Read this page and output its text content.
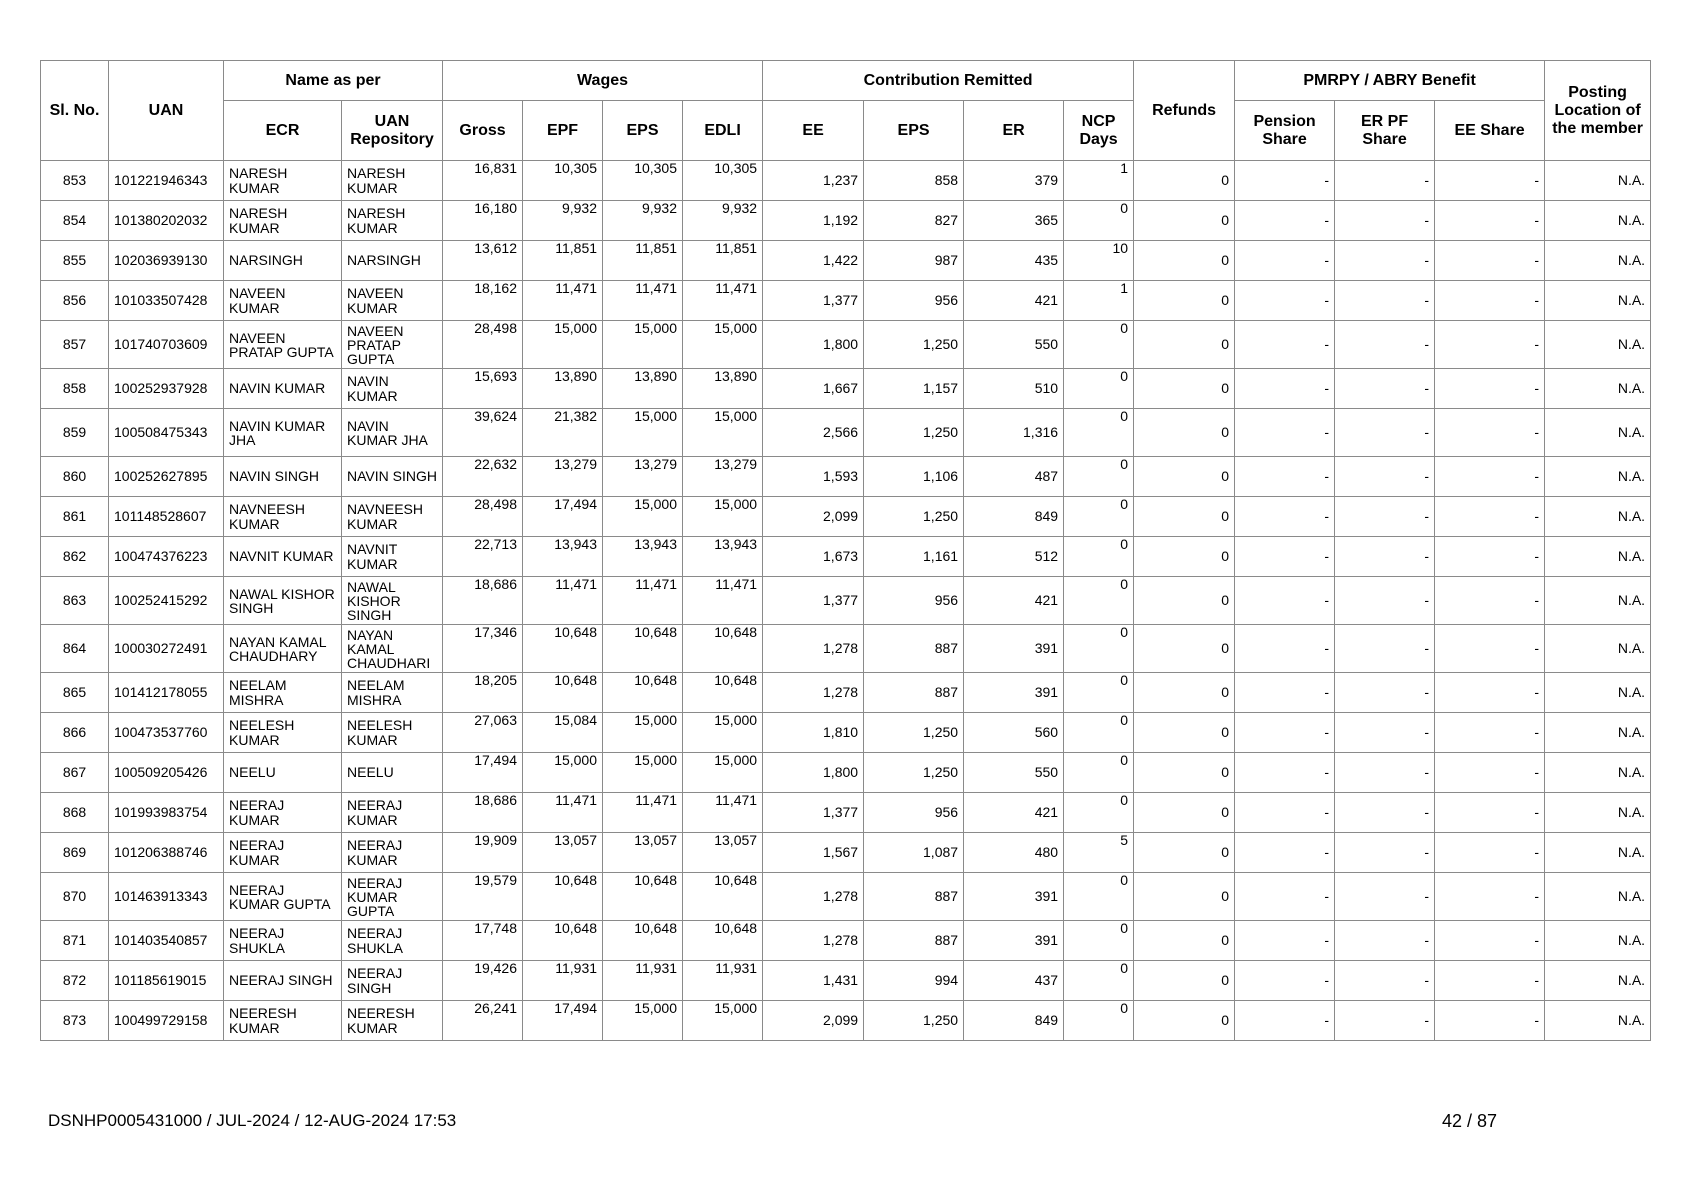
Sl. No.	UAN	Name as per		Wages				Contribution Remitted				Refunds	PMRPY / ABRY Benefit			Posting Location of the member
		ECR	UAN Repository	Gross	EPF	EPS	EDLI	EE	EPS	ER	NCP Days		Pension Share	ER PF Share	EE Share	
853	101221946343	NARESH KUMAR	NARESH KUMAR	16,831	10,305	10,305	10,305	1,237	858	379	1	0	-	-	-	N.A.
854	101380202032	NARESH KUMAR	NARESH KUMAR	16,180	9,932	9,932	9,932	1,192	827	365	0	0	-	-	-	N.A.
855	102036939130	NARSINGH	NARSINGH	13,612	11,851	11,851	11,851	1,422	987	435	10	0	-	-	-	N.A.
856	101033507428	NAVEEN KUMAR	NAVEEN KUMAR	18,162	11,471	11,471	11,471	1,377	956	421	1	0	-	-	-	N.A.
857	101740703609	NAVEEN PRATAP GUPTA	NAVEEN PRATAP GUPTA	28,498	15,000	15,000	15,000	1,800	1,250	550	0	0	-	-	-	N.A.
858	100252937928	NAVIN KUMAR	NAVIN KUMAR	15,693	13,890	13,890	13,890	1,667	1,157	510	0	0	-	-	-	N.A.
859	100508475343	NAVIN KUMAR JHA	NAVIN KUMAR JHA	39,624	21,382	15,000	15,000	2,566	1,250	1,316	0	0	-	-	-	N.A.
860	100252627895	NAVIN SINGH	NAVIN SINGH	22,632	13,279	13,279	13,279	1,593	1,106	487	0	0	-	-	-	N.A.
861	101148528607	NAVNEESH KUMAR	NAVNEESH KUMAR	28,498	17,494	15,000	15,000	2,099	1,250	849	0	0	-	-	-	N.A.
862	100474376223	NAVNIT KUMAR	NAVNIT KUMAR	22,713	13,943	13,943	13,943	1,673	1,161	512	0	0	-	-	-	N.A.
863	100252415292	NAWAL KISHOR SINGH	NAWAL KISHOR SINGH	18,686	11,471	11,471	11,471	1,377	956	421	0	0	-	-	-	N.A.
864	100030272491	NAYAN KAMAL CHAUDHARY	NAYAN KAMAL CHAUDHARI	17,346	10,648	10,648	10,648	1,278	887	391	0	0	-	-	-	N.A.
865	101412178055	NEELAM MISHRA	NEELAM MISHRA	18,205	10,648	10,648	10,648	1,278	887	391	0	0	-	-	-	N.A.
866	100473537760	NEELESH KUMAR	NEELESH KUMAR	27,063	15,084	15,000	15,000	1,810	1,250	560	0	0	-	-	-	N.A.
867	100509205426	NEELU	NEELU	17,494	15,000	15,000	15,000	1,800	1,250	550	0	0	-	-	-	N.A.
868	101993983754	NEERAJ KUMAR	NEERAJ KUMAR	18,686	11,471	11,471	11,471	1,377	956	421	0	0	-	-	-	N.A.
869	101206388746	NEERAJ KUMAR	NEERAJ KUMAR	19,909	13,057	13,057	13,057	1,567	1,087	480	5	0	-	-	-	N.A.
870	101463913343	NEERAJ KUMAR GUPTA	NEERAJ KUMAR GUPTA	19,579	10,648	10,648	10,648	1,278	887	391	0	0	-	-	-	N.A.
871	101403540857	NEERAJ SHUKLA	NEERAJ SHUKLA	17,748	10,648	10,648	10,648	1,278	887	391	0	0	-	-	-	N.A.
872	101185619015	NEERAJ SINGH	NEERAJ SINGH	19,426	11,931	11,931	11,931	1,431	994	437	0	0	-	-	-	N.A.
873	100499729158	NEERESH KUMAR	NEERESH KUMAR	26,241	17,494	15,000	15,000	2,099	1,250	849	0	0	-	-	-	N.A.
DSNHP0005431000 / JUL-2024 / 12-AUG-2024 17:53	42 / 87
